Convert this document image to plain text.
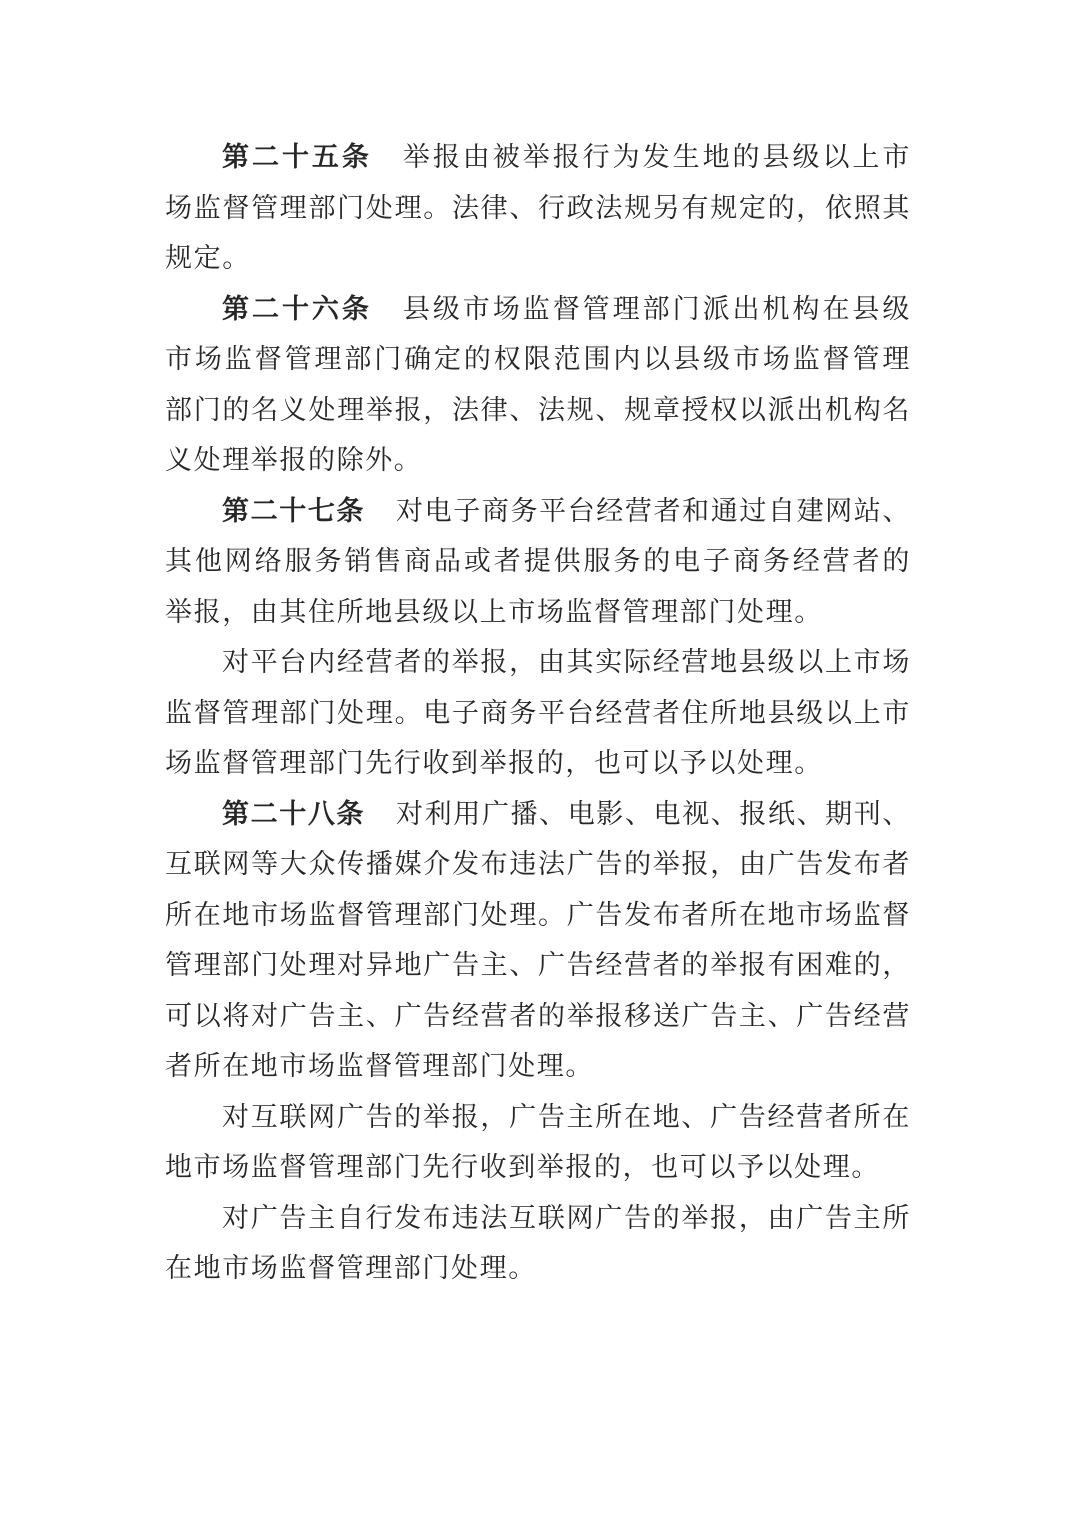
第二十五条 举报由被举报行为发生地的县级以上市
场监督管理部门处理。法律、行政法规另有规定的，依照其
规定。
第二十六条 县级市场监督管理部门派出机构在县级
市场监督管理部门确定的权限范围内以县级市场监督管理
部门的名义处理举报，法律、法规、规章授权以派出机构名
义处理举报的除外。
第二十七条 对电子商务平台经营者和通过自建网站、
其他网络服务销售商品或者提供服务的电子商务经营者的
举报，由其住所地县级以上市场监督管理部门处理。
对平台内经营者的举报，由其实际经营地县级以上市场
监督管理部门处理。电子商务平台经营者住所地县级以上市
场监督管理部门先行收到举报的，也可以予以处理。
第二十八条 对利用广播、电影、电视、报纸、期刊、
互联网等大众传播媒介发布违法广告的举报，由广告发布者
所在地市场监督管理部门处理。广告发布者所在地市场监督
管理部门处理对异地广告主、广告经营者的举报有困难的，
可以将对广告主、广告经营者的举报移送广告主、广告经营
者所在地市场监督管理部门处理。
对互联网广告的举报，广告主所在地、广告经营者所在
地市场监督管理部门先行收到举报的，也可以予以处理。
对广告主自行发布违法互联网广告的举报，由广告主所
在地市场监督管理部门处理。
